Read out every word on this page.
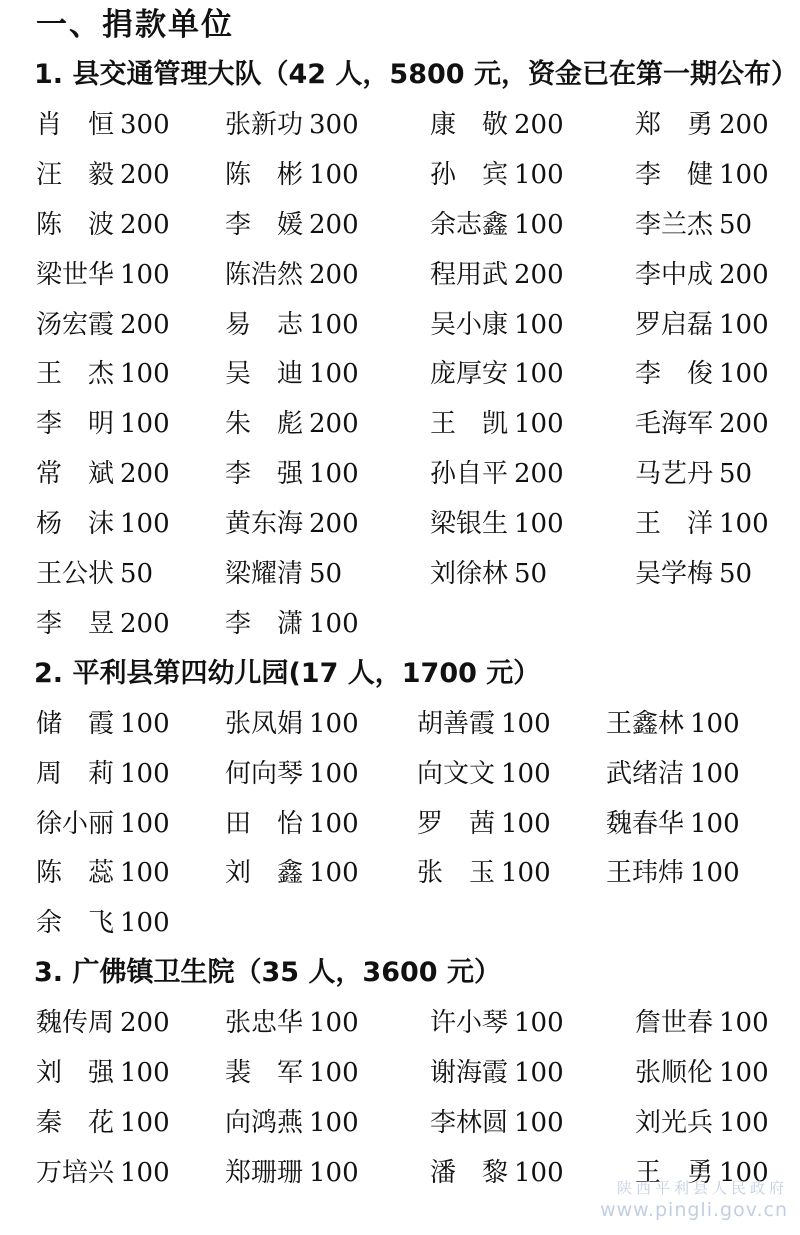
一、捐款单位
1. 县交通管理大队（42 人，5800 元，资金已在第一期公布）
肖　恒 300 张新功 300	康　敬 200	郑　勇 200
汪　毅 200 陈　彬 100	孙　宾 100	李　健 100
陈　波 200 李　媛 200	余志鑫 100	李兰杰 50
梁世华 100 陈浩然 200	程用武 200	李中成 200
汤宏霞 200 易　志 100	吴小康 100	罗启磊 100
王　杰 100 吴　迪 100	庞厚安 100	李　俊 100
李　明 100 朱　彪 200	王　凯 100	毛海军 200
常　斌 200 李　强 100	孙自平 200	马艺丹 50
杨　沫 100 黄东海 200	梁银生 100	王　洋 100
王公状 50	梁耀清 50	刘徐林 50	吴学梅 50
李　昱 200 李　潇 100
2. 平利县第四幼儿园(17 人，1700 元）
储　霞 100 张凤娟 100 胡善霞 100 王鑫林 100
周　莉 100 何向琴 100 向文文 100 武绪洁 100
徐小丽 100 田　怡 100 罗　茜 100 魏春华 100
陈　蕊 100 刘　鑫 100 张　玉 100 王玮炜 100
余　飞 100
3. 广佛镇卫生院（35 人，3600 元）
魏传周 200 张忠华 100	许小琴 100	詹世春 100
刘　强 100 裴　军 100	谢海霞 100	张顺伦 100
秦　花 100 向鸿燕 100	李林圆 100	刘光兵 100
万培兴 100 郑珊珊 100	潘　黎 100	王　勇 100
陕西平利县人民政府
www.pingli.gov.cn
